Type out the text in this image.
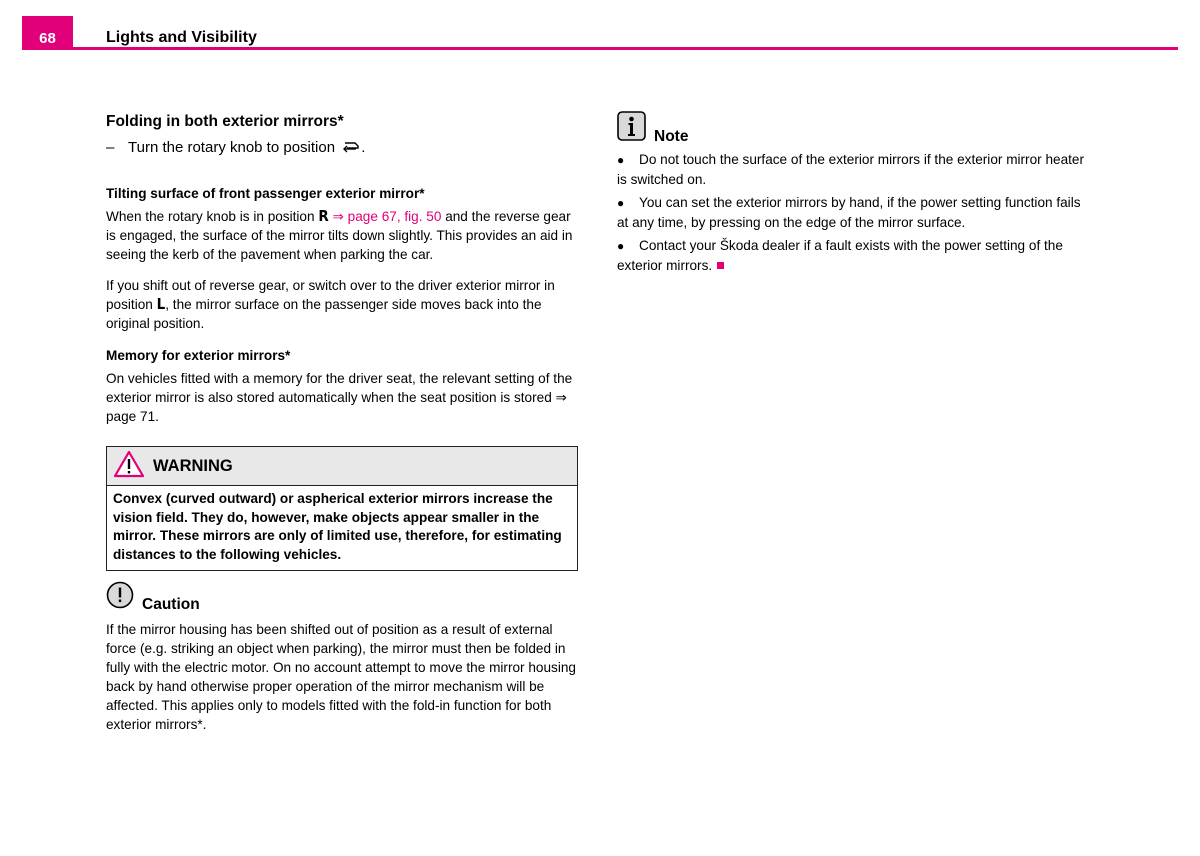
68	Lights and Visibility
Folding in both exterior mirrors*
– Turn the rotary knob to position .
Tilting surface of front passenger exterior mirror*

When the rotary knob is in position R ⇒ page 67, fig. 50 and the reverse gear is engaged, the surface of the mirror tilts down slightly. This provides an aid in seeing the kerb of the pavement when parking the car.

If you shift out of reverse gear, or switch over to the driver exterior mirror in position L, the mirror surface on the passenger side moves back into the original position.

Memory for exterior mirrors*

On vehicles fitted with a memory for the driver seat, the relevant setting of the exterior mirror is also stored automatically when the seat position is stored ⇒ page 71.

WARNING
Convex (curved outward) or aspherical exterior mirrors increase the vision field. They do, however, make objects appear smaller in the mirror. These mirrors are only of limited use, therefore, for estimating distances to the following vehicles.
Caution
If the mirror housing has been shifted out of position as a result of external force (e.g. striking an object when parking), the mirror must then be folded in fully with the electric motor. On no account attempt to move the mirror housing back by hand otherwise proper operation of the mirror mechanism will be affected. This applies only to models fitted with the fold-in function for both exterior mirrors*.
Note
● Do not touch the surface of the exterior mirrors if the exterior mirror heater is switched on.
● You can set the exterior mirrors by hand, if the power setting function fails at any time, by pressing on the edge of the mirror surface.
● Contact your Škoda dealer if a fault exists with the power setting of the exterior mirrors.
